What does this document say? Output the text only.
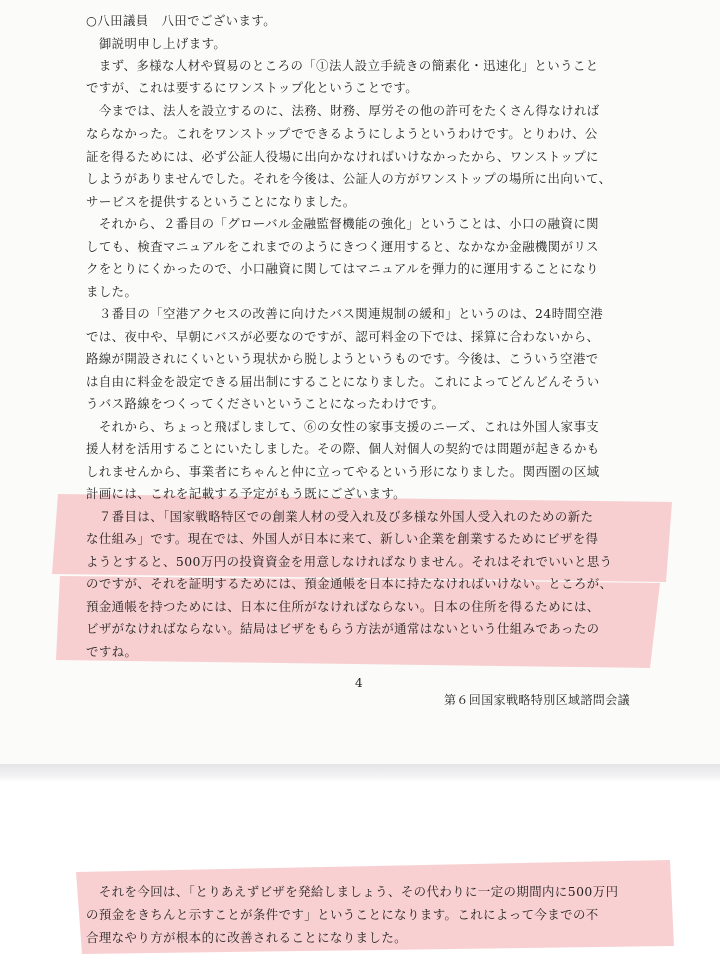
○八田議員　八田でございます。
　御説明申し上げます。
　まず、多様な人材や貿易のところの「①法人設立手続きの簡素化・迅速化」ということ
ですが、これは要するにワンストップ化ということです。
　今までは、法人を設立するのに、法務、財務、厚労その他の許可をたくさん得なければ
ならなかった。これをワンストップでできるようにしようというわけです。とりわけ、公
証を得るためには、必ず公証人役場に出向かなければいけなかったから、ワンストップに
しようがありませんでした。それを今後は、公証人の方がワンストップの場所に出向いて、
サービスを提供するということになりました。
　それから、２番目の「グローバル金融監督機能の強化」ということは、小口の融資に関
しても、検査マニュアルをこれまでのようにきつく運用すると、なかなか金融機関がリス
クをとりにくかったので、小口融資に関してはマニュアルを弾力的に運用することになり
ました。
　３番目の「空港アクセスの改善に向けたバス関連規制の緩和」というのは、24時間空港
では、夜中や、早朝にバスが必要なのですが、認可料金の下では、採算に合わないから、
路線が開設されにくいという現状から脱しようというものです。今後は、こういう空港で
は自由に料金を設定できる届出制にすることになりました。これによってどんどんそうい
うバス路線をつくってくださいということになったわけです。
　それから、ちょっと飛ばしまして、⑥の女性の家事支援のニーズ、これは外国人家事支
援人材を活用することにいたしました。その際、個人対個人の契約では問題が起きるかも
しれませんから、事業者にちゃんと仲に立ってやるという形になりました。関西圏の区域
計画には、これを記載する予定がもう既にございます。
　７番目は、「国家戦略特区での創業人材の受入れ及び多様な外国人受入れのための新た
な仕組み」です。現在では、外国人が日本に来て、新しい企業を創業するためにビザを得
ようとすると、500万円の投資資金を用意しなければなりません。それはそれでいいと思う
のですが、それを証明するためには、預金通帳を日本に持たなければいけない。ところが、
預金通帳を持つためには、日本に住所がなければならない。日本の住所を得るためには、
ビザがなければならない。結局はビザをもらう方法が通常はないという仕組みであったの
ですね。
4
第６回国家戦略特別区域諮問会議
　それを今回は、「とりあえずビザを発給しましょう、その代わりに一定の期間内に500万円
の預金をきちんと示すことが条件です」ということになります。これによって今までの不
合理なやり方が根本的に改善されることになりました。
